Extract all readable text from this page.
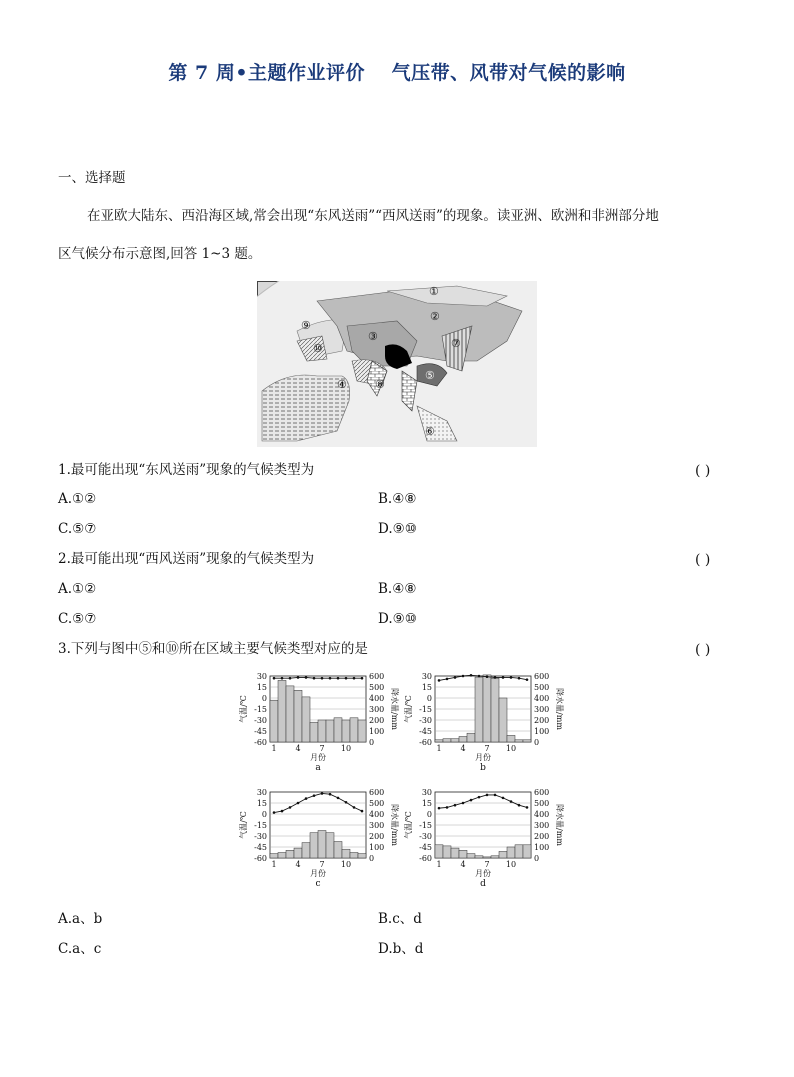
第 7 周•主题作业评价　 气压带、风带对气候的影响
一、选择题
在亚欧大陆东、西沿海区域,常会出现“东风送雨”“西风送雨”的现象。读亚洲、欧洲和非洲部分地
区气候分布示意图,回答 1~3 题。
①
②
③
④
⑤
⑥
⑦
⑧
⑨
⑩
1.最可能出现“东风送雨”现象的气候类型为	( )
A.①②	B.④⑧
C.⑤⑦	D.⑨⑩
2.最可能出现“西风送雨”现象的气候类型为	( )
A.①②	B.④⑧
C.⑤⑦	D.⑨⑩
3.下列与图中⑤和⑩所在区域主要气候类型对应的是	( )
30
15
0
-15
-30
-45
-60
600
500
400
300
200
100
0
1 4 7 10
月份
a
气温/℃	降水量/mm
30
15
0
-15
-30
-45
-60
600
500
400
300
200
100
0
1 4 7 10
月份
b
气温/℃	降水量/mm
30
15
0
-15
-30
-45
-60
600
500
400
300
200
100
0
1 4 7 10
月份
c
气温/℃	降水量/mm
30
15
0
-15
-30
-45
-60
600
500
400
300
200
100
0
1 4 7 10
月份
d
气温/℃	降水量/mm
A.a、b	B.c、d
C.a、c	D.b、d
